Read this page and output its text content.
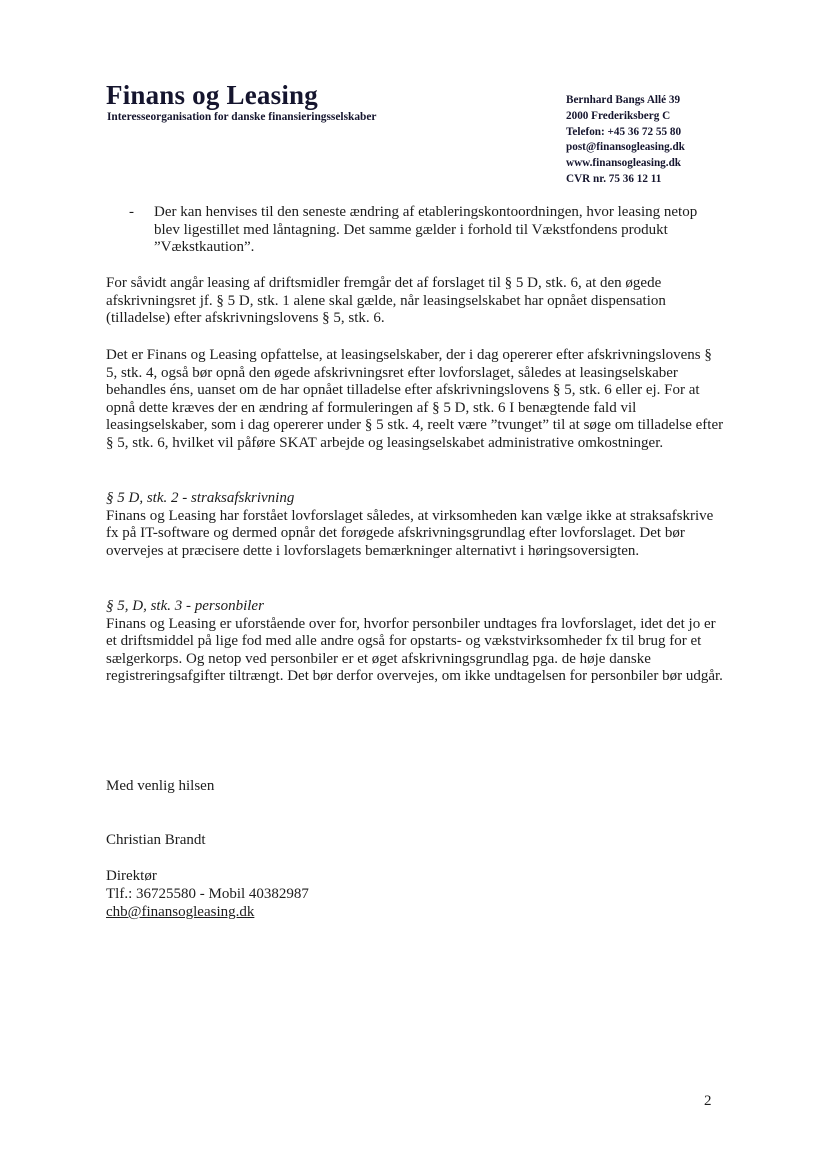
Finans og Leasing
Interesseorganisation for danske finansieringsselskaber
Bernhard Bangs Allé 39
2000 Frederiksberg C
Telefon: +45 36 72 55 80
post@finansogleasing.dk
www.finansogleasing.dk
CVR nr. 75 36 12 11
- Der kan henvises til den seneste ændring af etableringskontoordningen, hvor leasing netop blev ligestillet med låntagning. Det samme gælder i forhold til Vækstfondens produkt ”Vækstkaution”.

For såvidt angår leasing af driftsmidler fremgår det af forslaget til § 5 D, stk. 6, at den øgede afskrivningsret jf. § 5 D, stk. 1 alene skal gælde, når leasingselskabet har opnået dispensation (tilladelse) efter afskrivningslovens § 5, stk. 6.

Det er Finans og Leasing opfattelse, at leasingselskaber, der i dag opererer efter afskrivningslovens § 5, stk. 4, også bør opnå den øgede afskrivningsret efter lovforslaget, således at leasingselskaber behandles éns, uanset om de har opnået tilladelse efter afskrivningslovens § 5, stk. 6 eller ej. For at opnå dette kræves der en ændring af formuleringen af § 5 D, stk. 6 I benægtende fald vil leasingselskaber, som i dag opererer under § 5 stk. 4, reelt være ”tvunget” til at søge om tilladelse efter § 5, stk. 6, hvilket vil påføre SKAT arbejde og leasingselskabet administrative omkostninger.

§ 5 D, stk. 2 - straksafskrivning

Finans og Leasing har forstået lovforslaget således, at virksomheden kan vælge ikke at straksafskrive fx på IT-software og dermed opnår det forøgede afskrivningsgrundlag efter lovforslaget. Det bør overvejes at præcisere dette i lovforslagets bemærkninger alternativt i høringsoversigten.

§ 5, D, stk. 3 - personbiler

Finans og Leasing er uforstående over for, hvorfor personbiler undtages fra lovforslaget, idet det jo er et driftsmiddel på lige fod med alle andre også for opstarts- og vækstvirksomheder fx til brug for et sælgerkorps. Og netop ved personbiler er et øget afskrivningsgrundlag pga. de høje danske registreringsafgifter tiltrængt. Det bør derfor overvejes, om ikke undtagelsen for personbiler bør udgår.

Med venlig hilsen
Christian Brandt
Direktør
Tlf.: 36725580 - Mobil 40382987
chb@finansogleasing.dk
2
